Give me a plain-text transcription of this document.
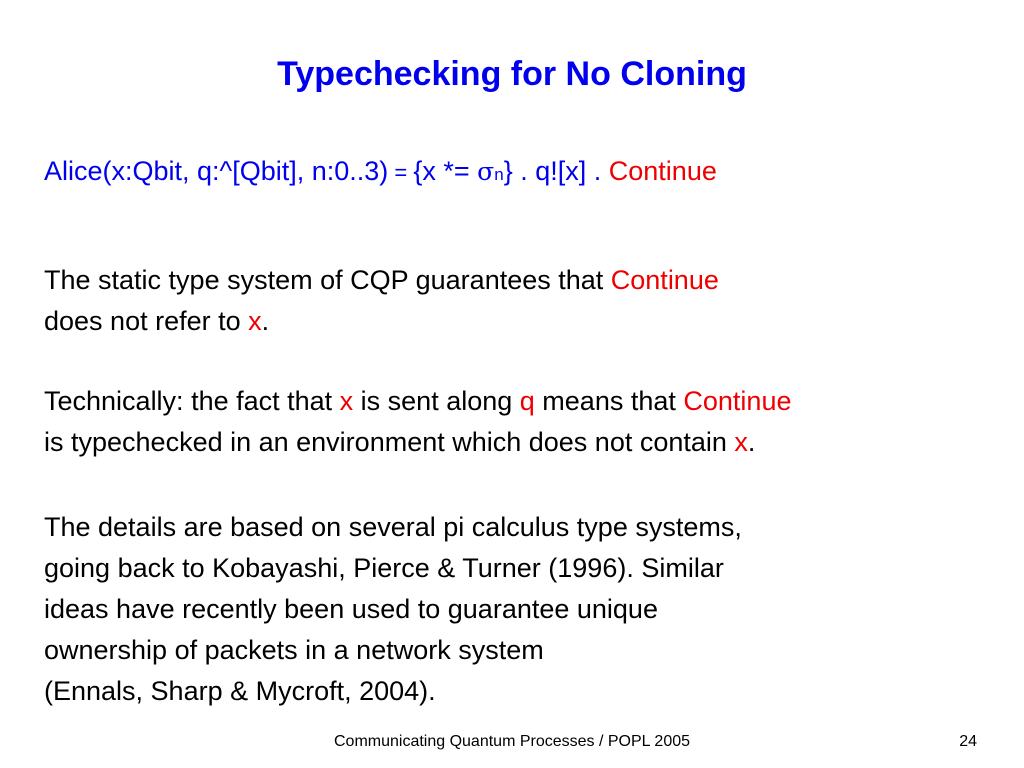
Typechecking for No Cloning
Alice(x:Qbit, q:^[Qbit], n:0..3) = {x *= σn} . q![x] . Continue
The static type system of CQP guarantees that Continue
does not refer to x.
Technically: the fact that x is sent along q means that Continue
is typechecked in an environment which does not contain x.
The details are based on several pi calculus type systems,
going back to Kobayashi, Pierce & Turner (1996). Similar
ideas have recently been used to guarantee unique
ownership of packets in a network system
(Ennals, Sharp & Mycroft, 2004).
Communicating Quantum Processes / POPL 2005	24
